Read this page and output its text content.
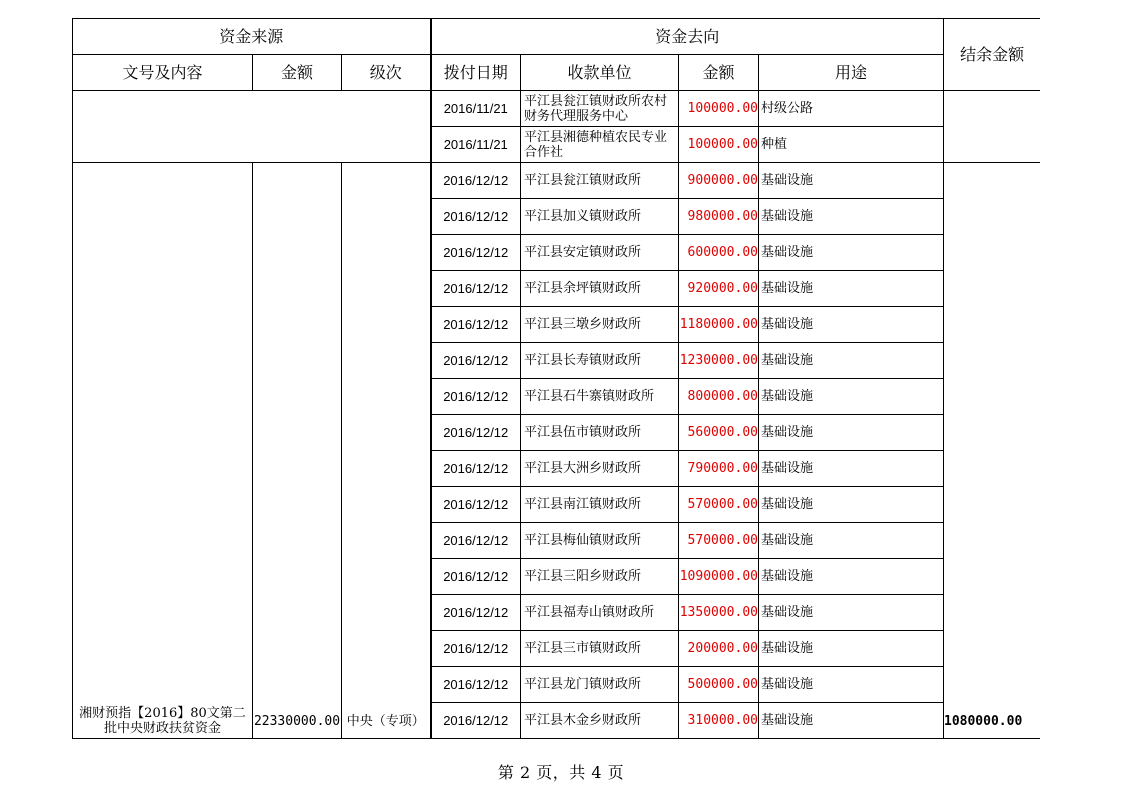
资金来源			资金去向				结余金额
文号及内容	金额	级次	拨付日期	收款单位	金额	用途	
			2016/11/21	平江县瓮江镇财政所农村财务代理服务中心	100000.00	村级公路	
			2016/11/21	平江县湘德种植农民专业合作社	100000.00	种植	
湘财预指【2016】80文第二批中央财政扶贫资金	22330000.00	中央（专项）	2016/12/12	平江县瓮江镇财政所	900000.00	基础设施	1080000.00
			2016/12/12	平江县加义镇财政所	980000.00	基础设施	
			2016/12/12	平江县安定镇财政所	600000.00	基础设施	
			2016/12/12	平江县余坪镇财政所	920000.00	基础设施	
			2016/12/12	平江县三墩乡财政所	1180000.00	基础设施	
			2016/12/12	平江县长寿镇财政所	1230000.00	基础设施	
			2016/12/12	平江县石牛寨镇财政所	800000.00	基础设施	
			2016/12/12	平江县伍市镇财政所	560000.00	基础设施	
			2016/12/12	平江县大洲乡财政所	790000.00	基础设施	
			2016/12/12	平江县南江镇财政所	570000.00	基础设施	
			2016/12/12	平江县梅仙镇财政所	570000.00	基础设施	
			2016/12/12	平江县三阳乡财政所	1090000.00	基础设施	
			2016/12/12	平江县福寿山镇财政所	1350000.00	基础设施	
			2016/12/12	平江县三市镇财政所	200000.00	基础设施	
			2016/12/12	平江县龙门镇财政所	500000.00	基础设施	
			2016/12/12	平江县木金乡财政所	310000.00	基础设施	
第 2 页，共 4 页
